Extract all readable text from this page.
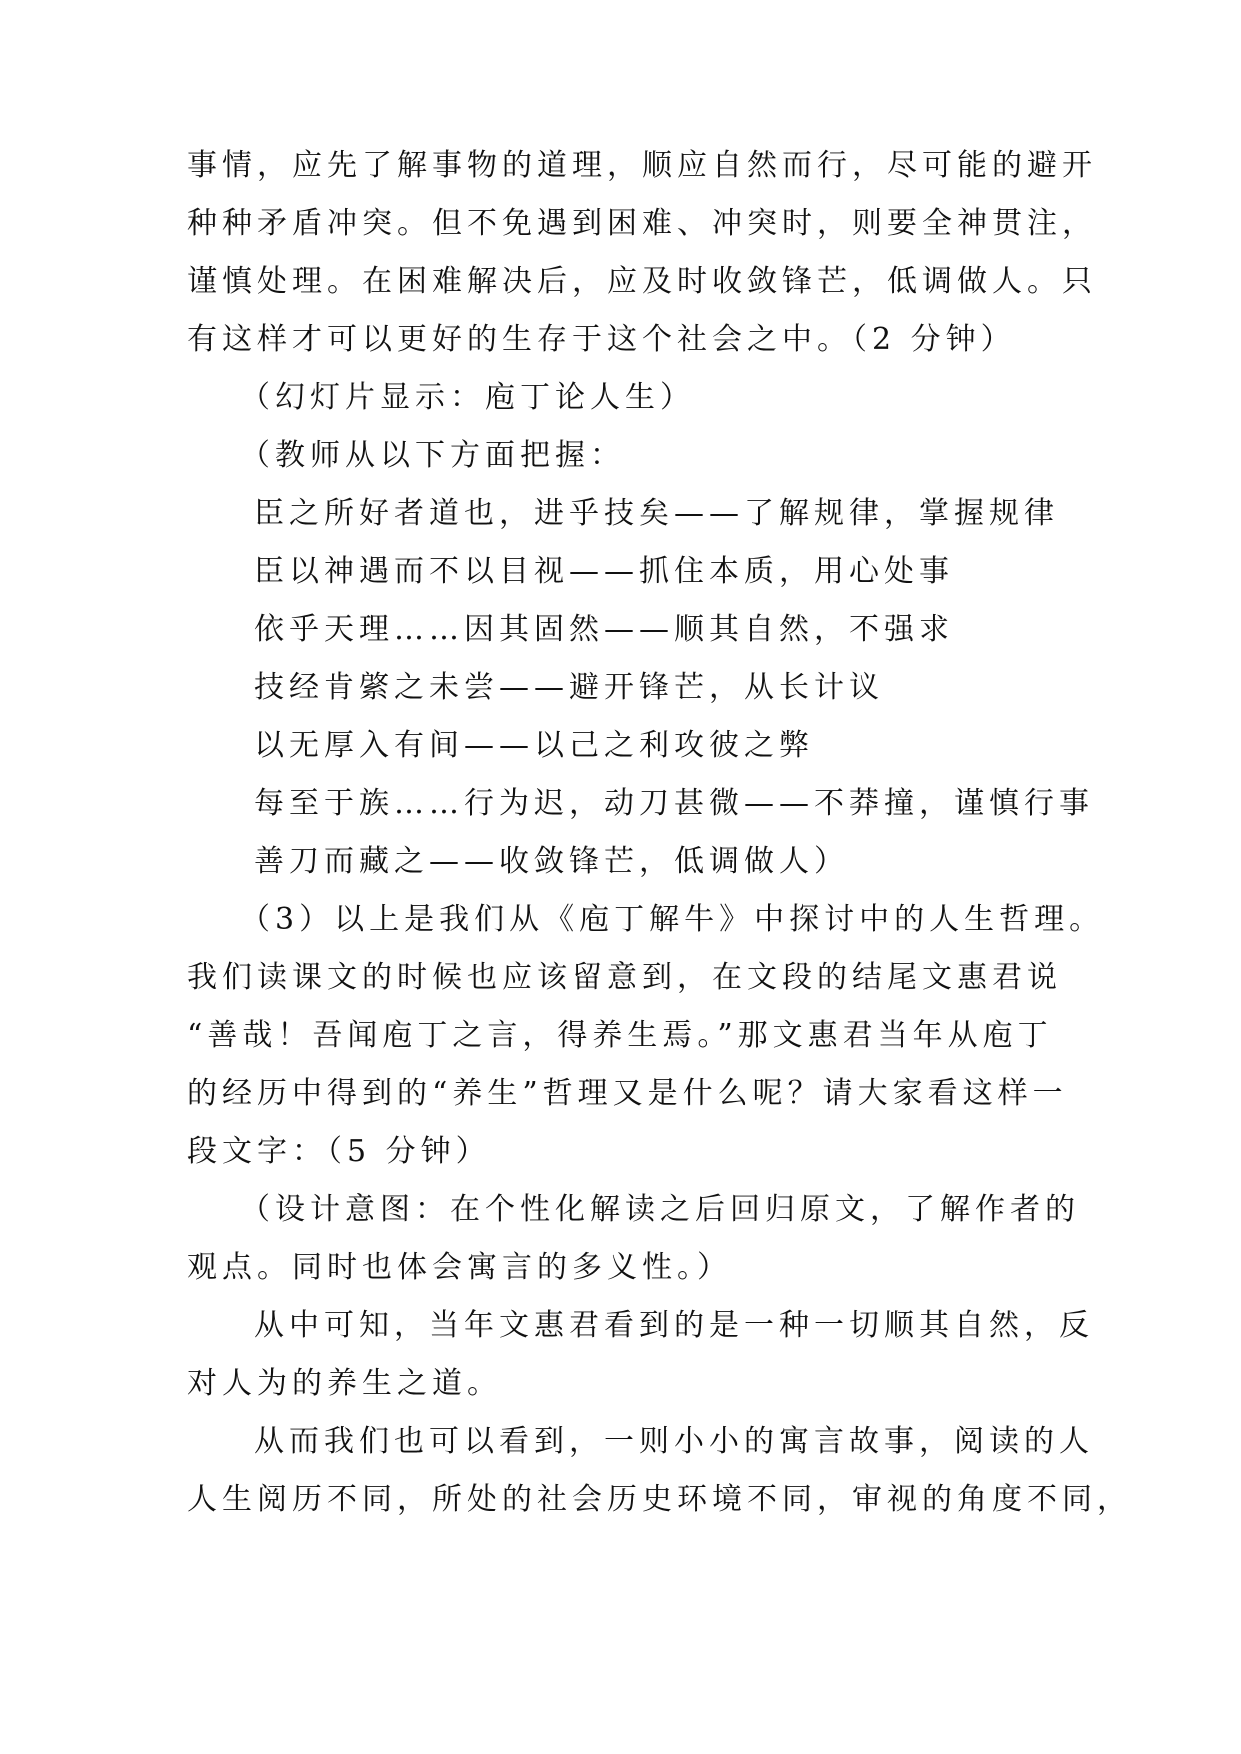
事情，应先了解事物的道理，顺应自然而行，尽可能的避开
种种矛盾冲突。但不免遇到困难、冲突时，则要全神贯注，
谨慎处理。在困难解决后，应及时收敛锋芒，低调做人。只
有这样才可以更好的生存于这个社会之中。（2 分钟）
（幻灯片显示：庖丁论人生）
（教师从以下方面把握：
臣之所好者道也，进乎技矣——了解规律，掌握规律
臣以神遇而不以目视——抓住本质，用心处事
依乎天理……因其固然——顺其自然，不强求
技经肯綮之未尝——避开锋芒，从长计议
以无厚入有间——以己之利攻彼之弊
每至于族……行为迟，动刀甚微——不莽撞，谨慎行事
善刀而藏之——收敛锋芒，低调做人）
（3）以上是我们从《庖丁解牛》中探讨中的人生哲理。
我们读课文的时候也应该留意到，在文段的结尾文惠君说
“善哉！吾闻庖丁之言，得养生焉。”那文惠君当年从庖丁
的经历中得到的“养生”哲理又是什么呢？请大家看这样一
段文字：（5 分钟）
（设计意图：在个性化解读之后回归原文，了解作者的
观点。同时也体会寓言的多义性。）
从中可知，当年文惠君看到的是一种一切顺其自然，反
对人为的养生之道。
从而我们也可以看到，一则小小的寓言故事，阅读的人
人生阅历不同，所处的社会历史环境不同，审视的角度不同，
